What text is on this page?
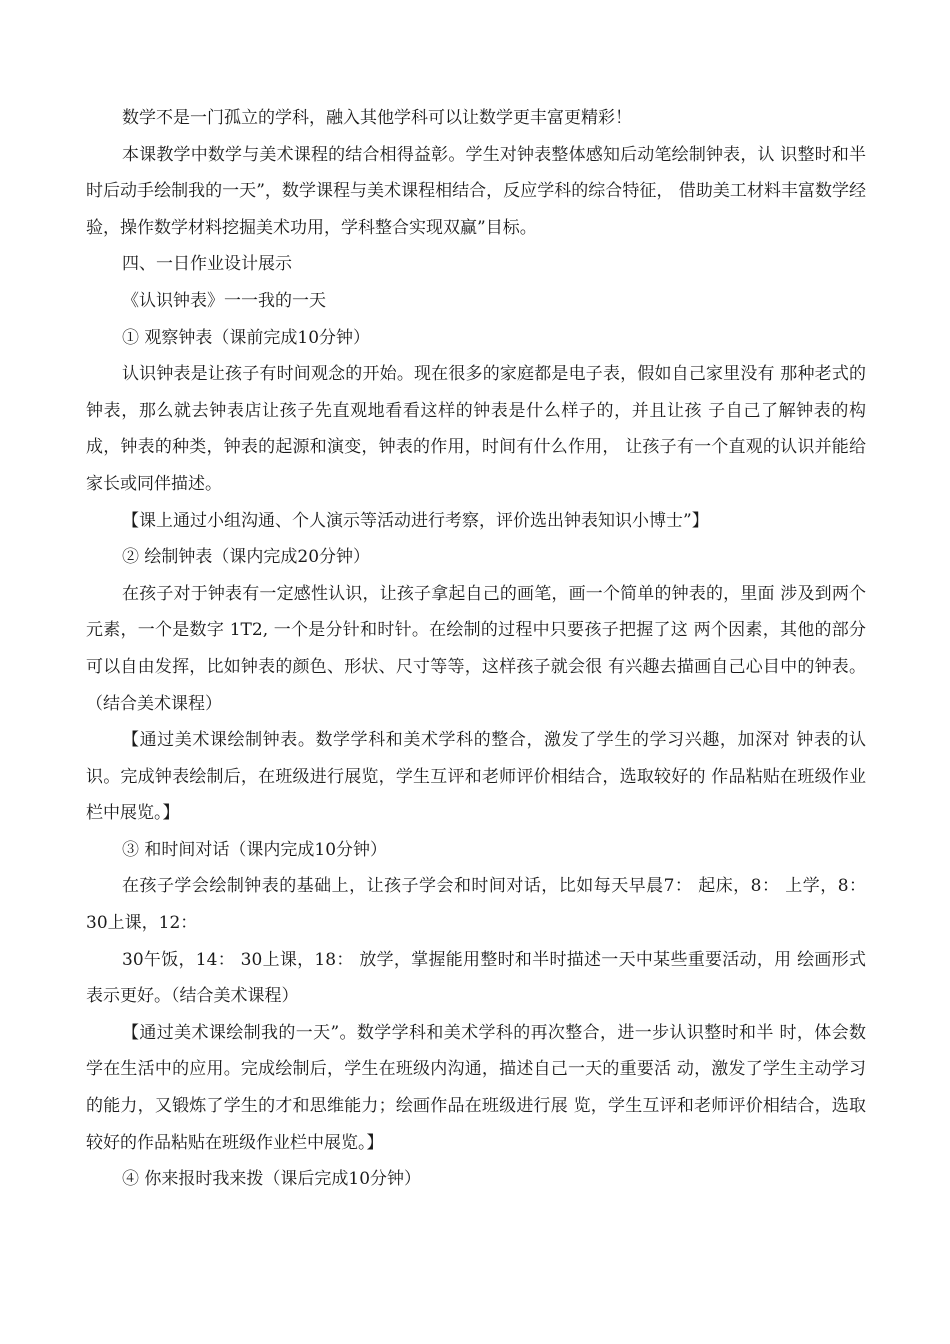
数学不是一门孤立的学科，融入其他学科可以让数学更丰富更精彩！

本课教学中数学与美术课程的结合相得益彰。学生对钟表整体感知后动笔绘制钟表，认 识整时和半时后动手绘制我的一天”，数学课程与美术课程相结合，反应学科的综合特征， 借助美工材料丰富数学经验，操作数学材料挖掘美术功用，学科整合实现双赢”目标。

四、一日作业设计展示

《认识钟表》一一我的一天

① 观察钟表（课前完成10分钟）

认识钟表是让孩子有时间观念的开始。现在很多的家庭都是电子表，假如自己家里没有 那种老式的钟表，那么就去钟表店让孩子先直观地看看这样的钟表是什么样子的，并且让孩 子自己了解钟表的构成，钟表的种类，钟表的起源和演变，钟表的作用，时间有什么作用， 让孩子有一个直观的认识并能给家长或同伴描述。

【课上通过小组沟通、个人演示等活动进行考察，评价选出钟表知识小博士”】

② 绘制钟表（课内完成20分钟）

在孩子对于钟表有一定感性认识，让孩子拿起自己的画笔，画一个简单的钟表的，里面 涉及到两个元素，一个是数字 1T2, 一个是分针和时针。在绘制的过程中只要孩子把握了这 两个因素，其他的部分可以自由发挥，比如钟表的颜色、形状、尺寸等等，这样孩子就会很 有兴趣去描画自己心目中的钟表。（结合美术课程）

【通过美术课绘制钟表。数学学科和美术学科的整合，激发了学生的学习兴趣，加深对 钟表的认识。完成钟表绘制后，在班级进行展览，学生互评和老师评价相结合，选取较好的 作品粘贴在班级作业栏中展览。】

③ 和时间对话（课内完成10分钟）

在孩子学会绘制钟表的基础上，让孩子学会和时间对话，比如每天早晨7： 起床，8： 上学，8： 30上课，12：

30午饭，14： 30上课，18： 放学，掌握能用整时和半时描述一天中某些重要活动，用 绘画形式表示更好。（结合美术课程）

【通过美术课绘制我的一天”。数学学科和美术学科的再次整合，进一步认识整时和半 时，体会数学在生活中的应用。完成绘制后，学生在班级内沟通，描述自己一天的重要活 动，激发了学生主动学习的能力，又锻炼了学生的才和思维能力；绘画作品在班级进行展 览，学生互评和老师评价相结合，选取较好的作品粘贴在班级作业栏中展览。】

④ 你来报时我来拨（课后完成10分钟）
